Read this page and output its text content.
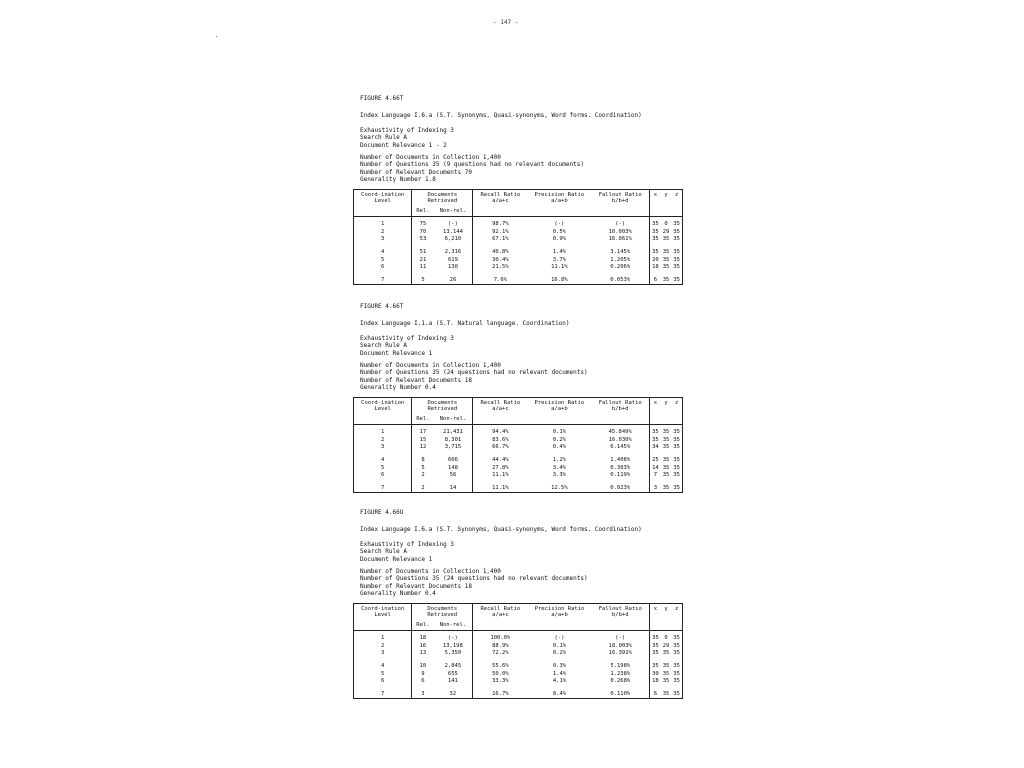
- 147 -
FIGURE 4.66T
Index Language I.6.a (S.T. Synonyms, Quasi-synonyms, Word forms. Coordination)
Exhaustivity of Indexing 3
Search Rule A
Document Relevance 1 - 2
Number of Documents in Collection 1,400
Number of Questions 35 (9 questions had no relevant documents)
Number of Relevant Documents 70
Generality Number 1.8
Coord-ination Level	Documents Retrieved		Recall Ratio a/a+c	Precision Ratio a/a+b	Fallout Ratio b/b+d	x	y	z
	Rel.	Non-rel.						
1	75	(-)	98.7%	(-)	(-)	35	0	35
2	70	13,144	92.1%	0.5%	10.003%	35	29	35
3	53	6,210	67.1%	0.9%	16.061%	35	35	35
4	51	2,316	40.8%	1.4%	3.145%	35	35	35
5	21	619	30.4%	3.7%	1.205%	20	35	35
6	11	130	21.5%	11.1%	0.206%	18	35	35
7	5	26	7.6%	16.8%	0.053%	6	35	35
FIGURE 4.66T
Index Language I.1.a (S.T. Natural language. Coordination)
Exhaustivity of Indexing 3
Search Rule A
Document Relevance 1
Number of Documents in Collection 1,400
Number of Questions 35 (24 questions had no relevant documents)
Number of Relevant Documents 18
Generality Number 0.4
Coord-ination Level	Documents Retrieved		Recall Ratio a/a+c	Precision Ratio a/a+b	Fallout Ratio b/b+d	x	y	z
	Rel.	Non-rel.						
1	17	21,431	94.4%	0.1%	45.849%	35	35	35
2	15	8,301	83.6%	0.2%	16.030%	35	35	35
3	12	3,715	66.7%	0.4%	6.145%	34	35	35
4	8	606	44.4%	1.2%	1.408%	25	35	35
5	5	148	27.8%	3.4%	0.303%	14	35	35
6	2	56	11.1%	3.3%	0.119%	7	35	35
7	2	14	11.1%	12.5%	0.023%	3	35	35
FIGURE 4.66U
Index Language I.6.a (S.T. Synonyms, Quasi-synonyms, Word forms. Coordination)
Exhaustivity of Indexing 3
Search Rule A
Document Relevance 1
Number of Documents in Collection 1,400
Number of Questions 35 (24 questions had no relevant documents)
Number of Relevant Documents 18
Generality Number 0.4
Coord-ination Level	Documents Retrieved		Recall Ratio a/a+c	Precision Ratio a/a+b	Fallout Ratio b/b+d	x	y	z
	Rel.	Non-rel.						
1	18	(-)	100.0%	(-)	(-)	35	0	35
2	16	13,198	88.9%	0.1%	18.003%	35	29	35
3	13	5,350	72.2%	0.2%	16.391%	35	35	35
4	10	2,845	55.6%	0.3%	5.198%	35	35	35
5	9	655	50.0%	1.4%	1.238%	30	35	35
6	6	141	33.3%	4.1%	0.268%	18	35	35
7	3	32	16.7%	8.4%	0.110%	6	35	35
